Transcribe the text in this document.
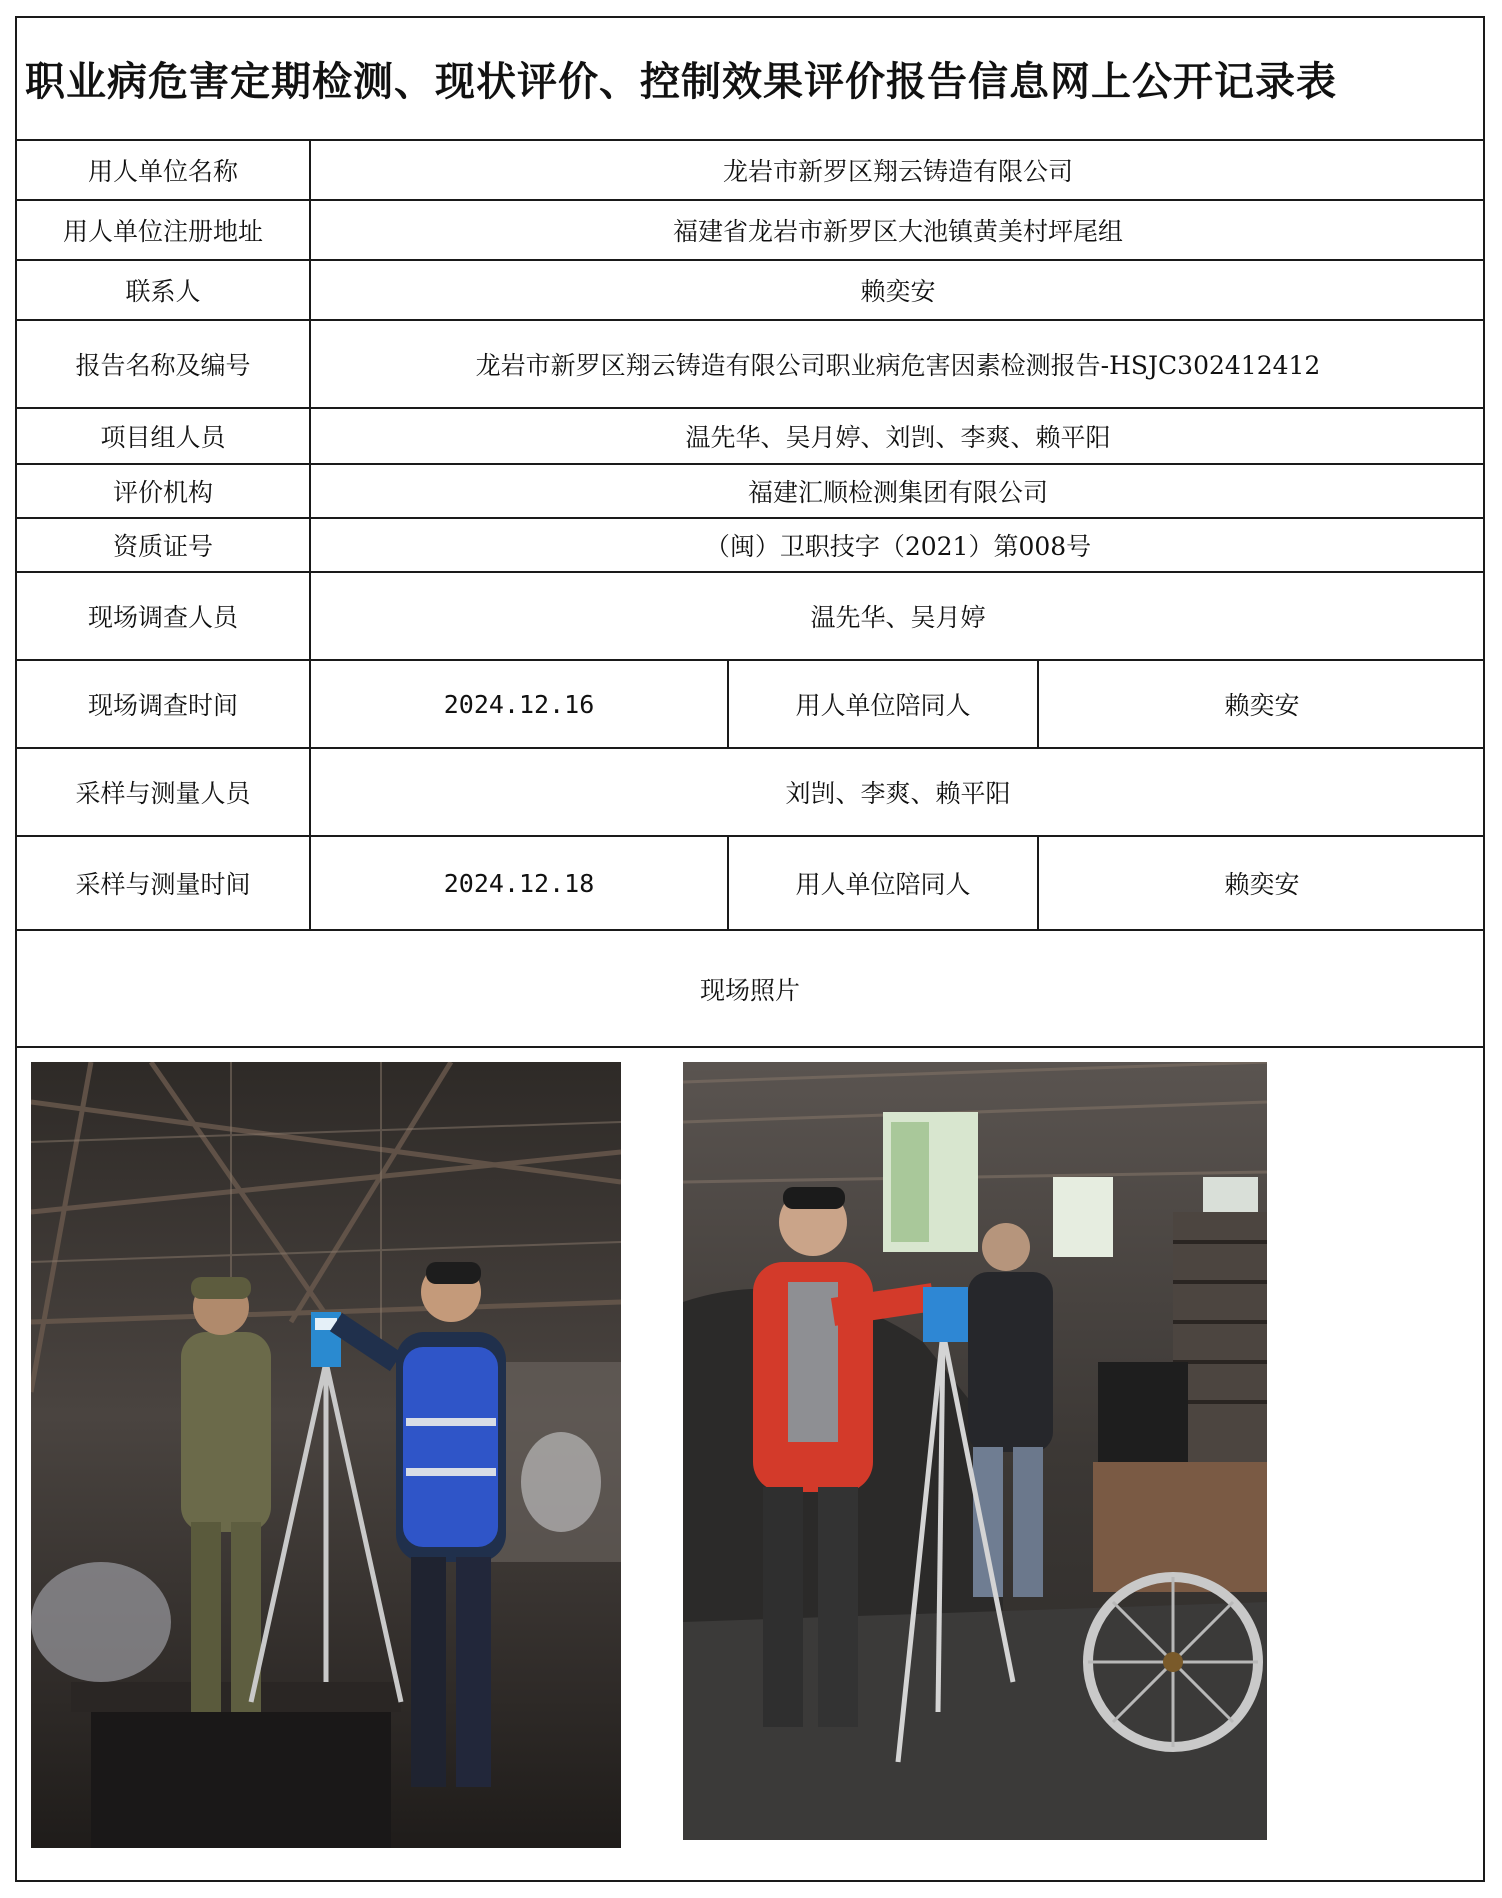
职业病危害定期检测、现状评价、控制效果评价报告信息网上公开记录表
用人单位名称	龙岩市新罗区翔云铸造有限公司
用人单位注册地址	福建省龙岩市新罗区大池镇黄美村坪尾组
联系人	赖奕安
报告名称及编号	龙岩市新罗区翔云铸造有限公司职业病危害因素检测报告-HSJC302412412
项目组人员	温先华、吴月婷、刘剀、李爽、赖平阳
评价机构	福建汇顺检测集团有限公司
资质证号	（闽）卫职技字（2021）第008号
现场调查人员	温先华、吴月婷
现场调查时间	2024.12.16	用人单位陪同人	赖奕安
采样与测量人员	刘剀、李爽、赖平阳
采样与测量时间	2024.12.18	用人单位陪同人	赖奕安
现场照片
